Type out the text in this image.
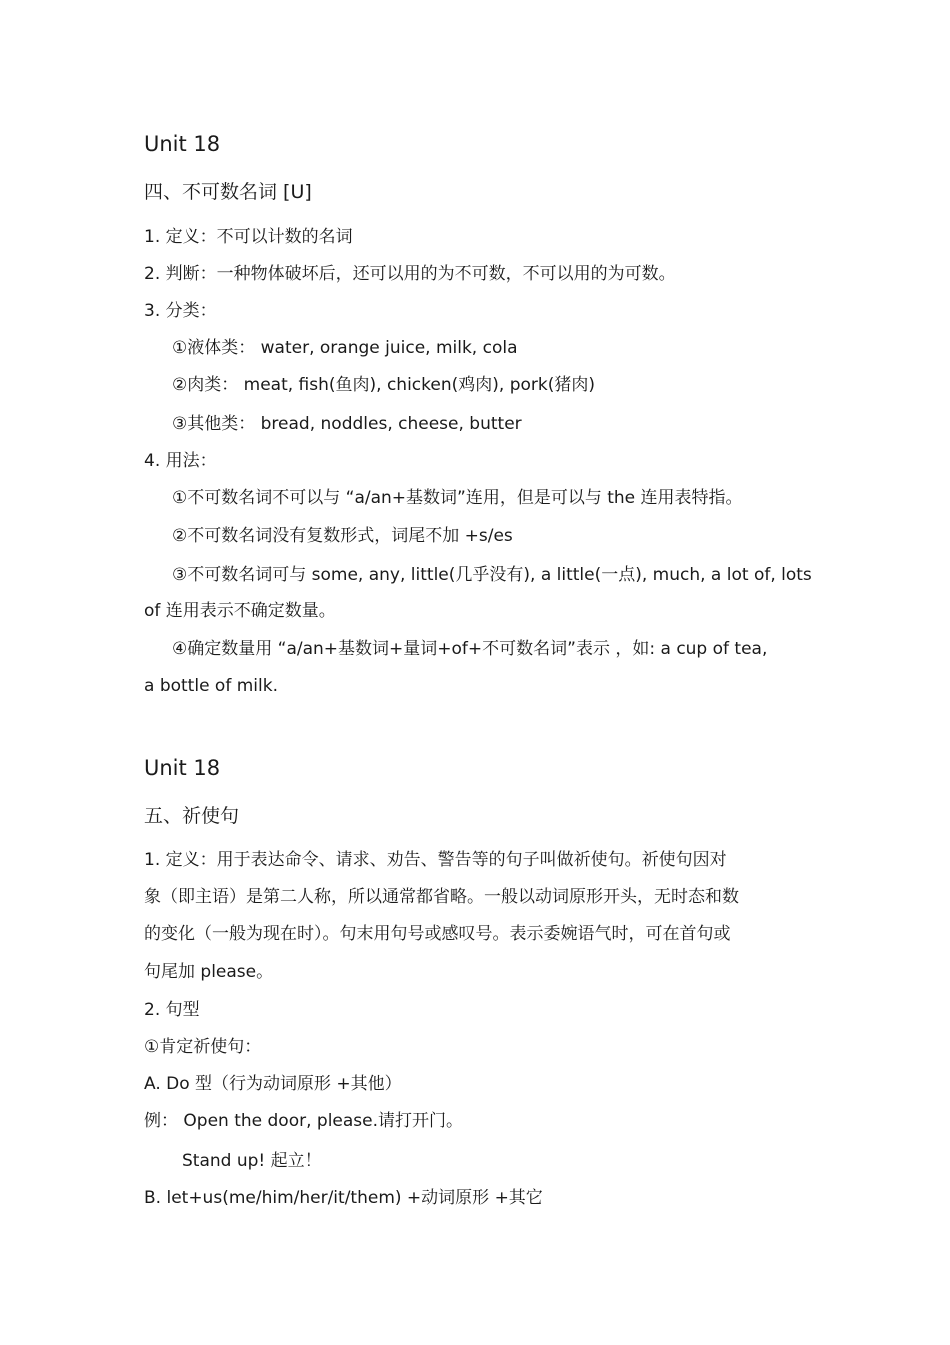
Unit 18
四、不可数名词 [U]
1. 定义：不可以计数的名词
2. 判断：一种物体破坏后，还可以用的为不可数，不可以用的为可数。
3. 分类：
①液体类： water, orange juice, milk, cola
②肉类： meat, fish(鱼肉), chicken(鸡肉), pork(猪肉)
③其他类： bread, noddles, cheese, butter
4. 用法：
①不可数名词不可以与 “a/an+基数词”连用，但是可以与 the 连用表特指。
②不可数名词没有复数形式，词尾不加 +s/es
③不可数名词可与 some, any, little(几乎没有), a little(一点), much, a lot of, lots
of 连用表示不确定数量。
④确定数量用 “a/an+基数词+量词+of+不可数名词”表示 ，如: a cup of tea,
a bottle of milk.
Unit 18
五、祈使句
1. 定义：用于表达命令、请求、劝告、警告等的句子叫做祈使句。祈使句因对
象（即主语）是第二人称，所以通常都省略。一般以动词原形开头，无时态和数
的变化（一般为现在时）。句末用句号或感叹号。表示委婉语气时，可在首句或
句尾加 please。
2. 句型
①肯定祈使句：
A. Do 型（行为动词原形 +其他）
例： Open the door, please.请打开门。
Stand up! 起立！
B. let+us(me/him/her/it/them) +动词原形 +其它
